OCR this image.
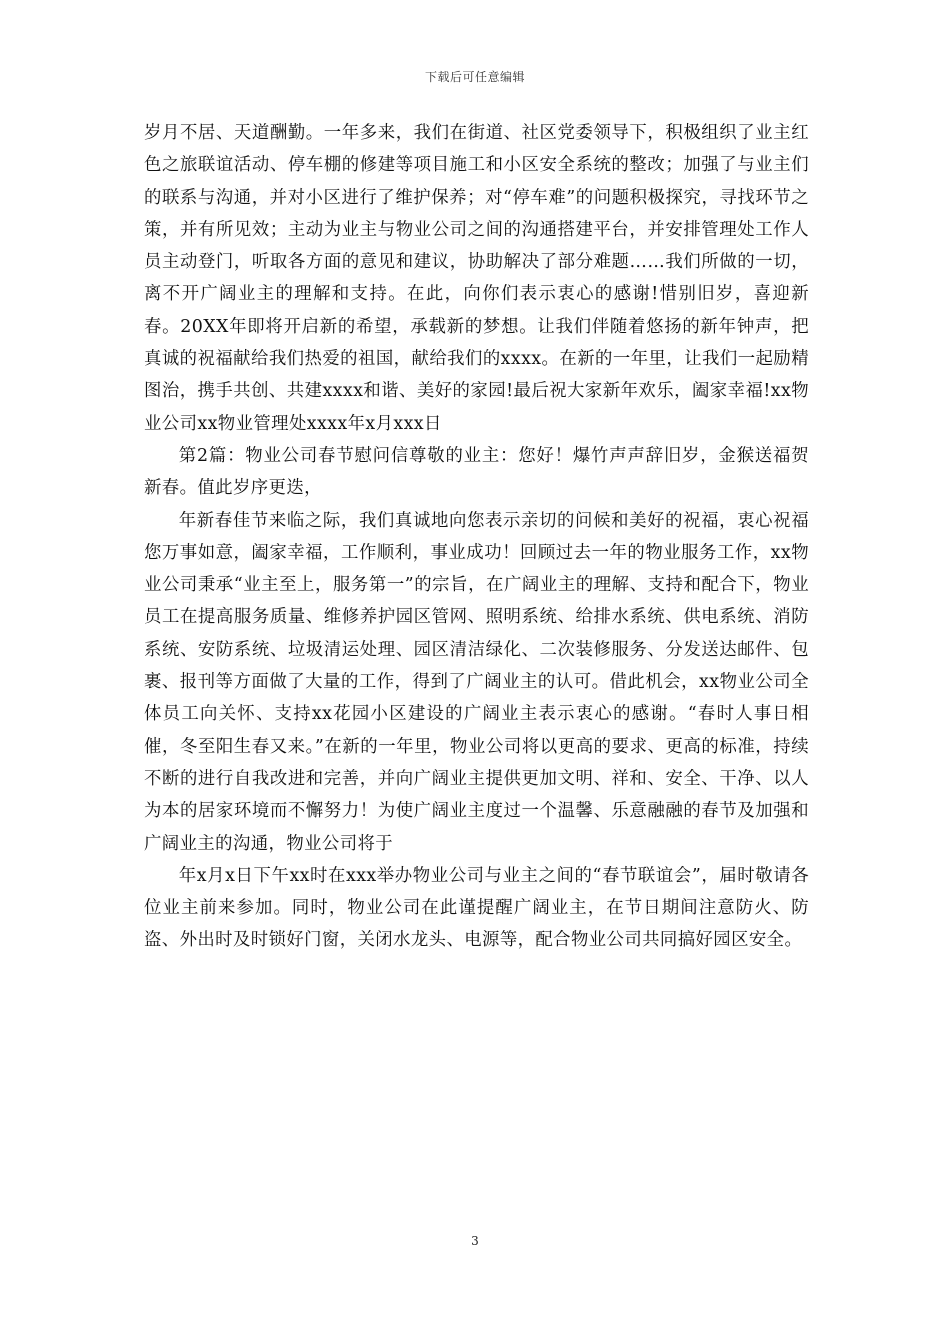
下载后可任意编辑

岁月不居、天道酬勤。一年多来，我们在街道、社区党委领导下，积极组织了业主红色之旅联谊活动、停车棚的修建等项目施工和小区安全系统的整改；加强了与业主们的联系与沟通，并对小区进行了维护保养；对“停车难”的问题积极探究，寻找环节之策，并有所见效；主动为业主与物业公司之间的沟通搭建平台，并安排管理处工作人员主动登门，听取各方面的意见和建议，协助解决了部分难题……我们所做的一切，离不开广阔业主的理解和支持。在此，向你们表示衷心的感谢!惜别旧岁，喜迎新春。20XX年即将开启新的希望，承载新的梦想。让我们伴随着悠扬的新年钟声，把真诚的祝福献给我们热爱的祖国，献给我们的xxxx。在新的一年里，让我们一起励精图治，携手共创、共建xxxx和谐、美好的家园!最后祝大家新年欢乐，阖家幸福!xx物业公司xx物业管理处xxxx年x月xxx日

第2篇：物业公司春节慰问信尊敬的业主：您好！爆竹声声辞旧岁，金猴送福贺新春。值此岁序更迭，

年新春佳节来临之际，我们真诚地向您表示亲切的问候和美好的祝福，衷心祝福您万事如意，阖家幸福，工作顺利，事业成功！回顾过去一年的物业服务工作，xx物业公司秉承“业主至上，服务第一”的宗旨，在广阔业主的理解、支持和配合下，物业员工在提高服务质量、维修养护园区管网、照明系统、给排水系统、供电系统、消防系统、安防系统、垃圾清运处理、园区清洁绿化、二次装修服务、分发送达邮件、包裹、报刊等方面做了大量的工作，得到了广阔业主的认可。借此机会，xx物业公司全体员工向关怀、支持xx花园小区建设的广阔业主表示衷心的感谢。“春时人事日相催，冬至阳生春又来。”在新的一年里，物业公司将以更高的要求、更高的标准，持续不断的进行自我改进和完善，并向广阔业主提供更加文明、祥和、安全、干净、以人为本的居家环境而不懈努力！为使广阔业主度过一个温馨、乐意融融的春节及加强和广阔业主的沟通，物业公司将于

年x月x日下午xx时在xxx举办物业公司与业主之间的“春节联谊会”，届时敬请各位业主前来参加。同时，物业公司在此谨提醒广阔业主，在节日期间注意防火、防盗、外出时及时锁好门窗，关闭水龙头、电源等，配合物业公司共同搞好园区安全。

3
